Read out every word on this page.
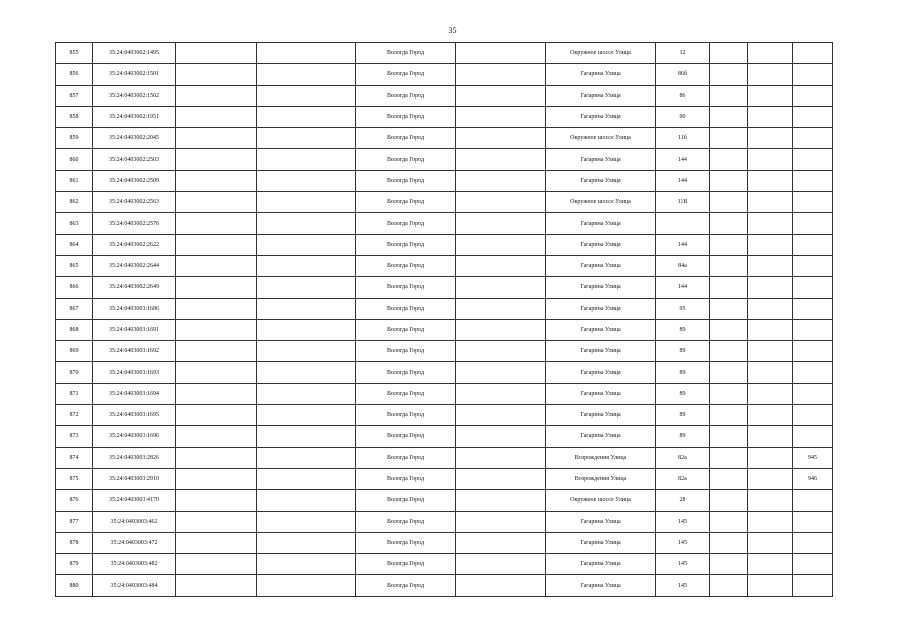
35
855	35:24:0403002:1495			Вологда Город		Окружное шоссе Улица	12			
856	35:24:0403002:1501			Вологда Город		Гагарина Улица	86б			
857	35:24:0403002:1502			Вологда Город		Гагарина Улица	86			
858	35:24:0403002:1951			Вологда Город		Гагарина Улица	90			
859	35:24:0403002:2045			Вологда Город		Окружное шоссе Улица	11б			
860	35:24:0403002:2503			Вологда Город		Гагарина Улица	144			
861	35:24:0403002:2509			Вологда Город		Гагарина Улица	144			
862	35:24:0403002:2563			Вологда Город		Окружное шоссе Улица	11В			
863	35:24:0403002:2576			Вологда Город		Гагарина Улица				
864	35:24:0403002:2622			Вологда Город		Гагарина Улица	144			
865	35:24:0403002:2644			Вологда Город		Гагарина Улица	84а			
866	35:24:0403002:2649			Вологда Город		Гагарина Улица	144			
867	35:24:0403003:1686			Вологда Город		Гагарина Улица	95			
868	35:24:0403003:1691			Вологда Город		Гагарина Улица	89			
869	35:24:0403003:1692			Вологда Город		Гагарина Улица	89			
870	35:24:0403003:1693			Вологда Город		Гагарина Улица	89			
871	35:24:0403003:1694			Вологда Город		Гагарина Улица	89			
872	35:24:0403003:1695			Вологда Город		Гагарина Улица	89			
873	35:24:0403003:1696			Вологда Город		Гагарина Улица	89			
874	35:24:0403003:2826			Вологда Город		Возрождения Улица	82а			945
875	35:24:0403003:2910			Вологда Город		Возрождения Улица	82а			946
876	35:24:0403003:4170			Вологда Город		Окружное шоссе Улица	28			
877	35:24:0403003:462			Вологда Город		Гагарина Улица	145			
878	35:24:0403003:472			Вологда Город		Гагарина Улица	145			
879	35:24:0403003:482			Вологда Город		Гагарина Улица	145			
880	35:24:0403003:484			Вологда Город		Гагарина Улица	145			
